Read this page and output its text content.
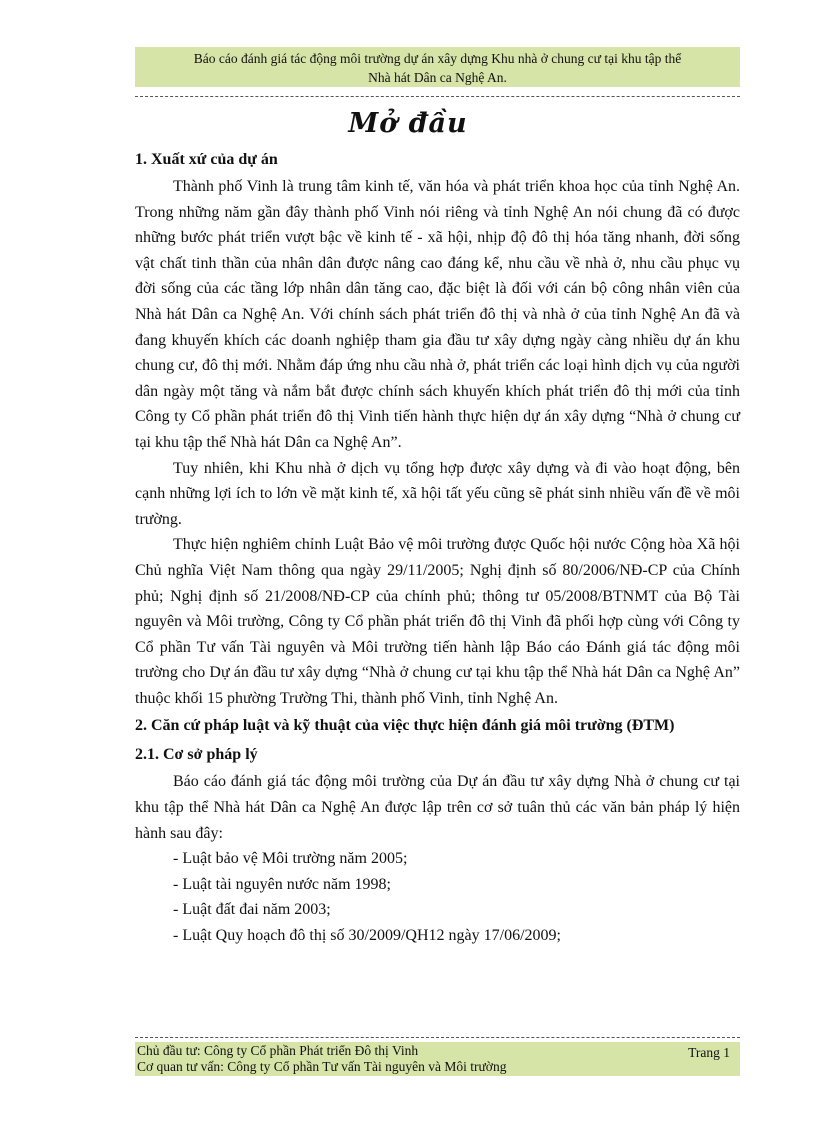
Báo cáo đánh giá tác động môi trường dự án xây dựng Khu nhà ở chung cư tại khu tập thể
Nhà hát Dân ca Nghệ An.
Mở đầu
1. Xuất xứ của dự án

Thành phố Vinh là trung tâm kinh tế, văn hóa và phát triển khoa học của tỉnh Nghệ An. Trong những năm gần đây thành phố Vinh nói riêng và tỉnh Nghệ An nói chung đã có được những bước phát triển vượt bậc về kinh tế - xã hội, nhịp độ đô thị hóa tăng nhanh, đời sống vật chất tinh thần của nhân dân được nâng cao đáng kể, nhu cầu về nhà ở, nhu cầu phục vụ đời sống của các tầng lớp nhân dân tăng cao, đặc biệt là đối với cán bộ công nhân viên của Nhà hát Dân ca Nghệ An. Với chính sách phát triển đô thị và nhà ở của tỉnh Nghệ An đã và đang khuyến khích các doanh nghiệp tham gia đầu tư xây dựng ngày càng nhiều dự án khu chung cư, đô thị mới. Nhằm đáp ứng nhu cầu nhà ở, phát triển các loại hình dịch vụ của người dân ngày một tăng và nắm bắt được chính sách khuyến khích phát triển đô thị mới của tỉnh Công ty Cổ phần phát triển đô thị Vinh tiến hành thực hiện dự án xây dựng “Nhà ở chung cư tại khu tập thể Nhà hát Dân ca Nghệ An”.

Tuy nhiên, khi Khu nhà ở dịch vụ tổng hợp được xây dựng và đi vào hoạt động, bên cạnh những lợi ích to lớn về mặt kinh tế, xã hội tất yếu cũng sẽ phát sinh nhiều vấn đề về môi trường.

Thực hiện nghiêm chỉnh Luật Bảo vệ môi trường được Quốc hội nước Cộng hòa Xã hội Chủ nghĩa Việt Nam thông qua ngày 29/11/2005; Nghị định số 80/2006/NĐ-CP của Chính phủ; Nghị định số 21/2008/NĐ-CP của chính phủ; thông tư 05/2008/BTNMT của Bộ Tài nguyên và Môi trường, Công ty Cổ phần phát triển đô thị Vinh đã phối hợp cùng với Công ty Cổ phần Tư vấn Tài nguyên và Môi trường tiến hành lập Báo cáo Đánh giá tác động môi trường cho Dự án đầu tư xây dựng “Nhà ở chung cư tại khu tập thể Nhà hát Dân ca Nghệ An” thuộc khối 15 phường Trường Thi, thành phố Vinh, tỉnh Nghệ An.

2. Căn cứ pháp luật và kỹ thuật của việc thực hiện đánh giá môi trường (ĐTM)
2.1. Cơ sở pháp lý

Báo cáo đánh giá tác động môi trường của Dự án đầu tư xây dựng Nhà ở chung cư tại khu tập thể Nhà hát Dân ca Nghệ An được lập trên cơ sở tuân thủ các văn bản pháp lý hiện hành sau đây:

- Luật bảo vệ Môi trường năm 2005;
- Luật tài nguyên nước năm 1998;
- Luật đất đai năm 2003;
- Luật Quy hoạch đô thị số 30/2009/QH12 ngày 17/06/2009;
Chủ đầu tư: Công ty Cổ phần Phát triển Đô thị Vinh
Cơ quan tư vấn: Công ty Cổ phần Tư vấn Tài nguyên và Môi trường
Trang 1
